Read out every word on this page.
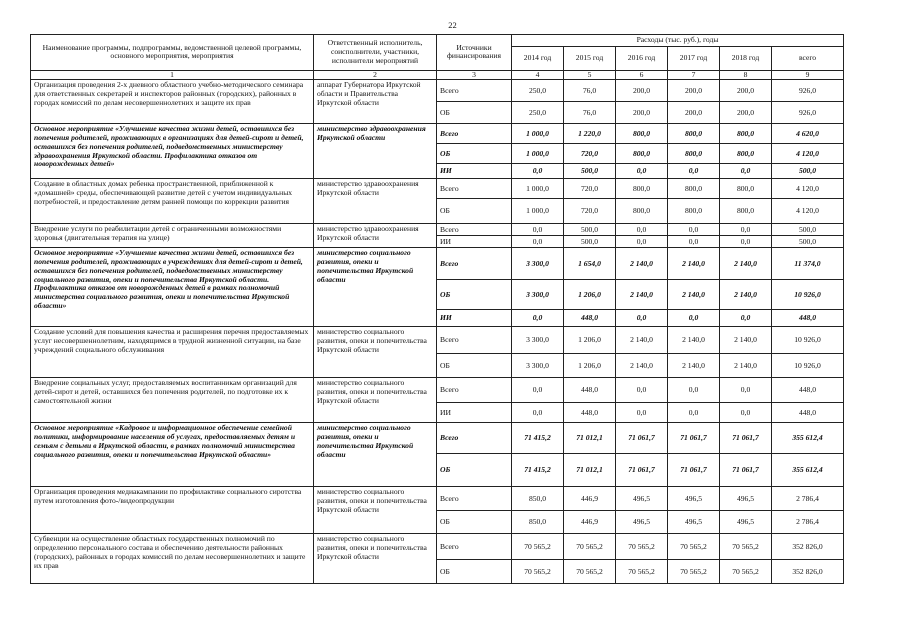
22
Наименование программы, подпрограммы, ведомственной целевой программы, основного мероприятия, мероприятия	Ответственный исполнитель, соисполнители, участники, исполнители мероприятий	Источники финансирования	Расходы (тыс. руб.), годы					
			2014 год	2015 год	2016 год	2017 год	2018 год	всего
1	2	3	4	5	6	7	8	9
Организация проведения 2-х дневного областного учебно-методического семинара для ответственных секретарей и инспекторов районных (городских), районных в городах комиссий по делам несовершеннолетних и защите их прав	аппарат Губернатора Иркутской области и Правительства Иркутской области	Всего	250,0	76,0	200,0	200,0	200,0	926,0
		ОБ	250,0	76,0	200,0	200,0	200,0	926,0
Основное мероприятие «Улучшение качества жизни детей, оставшихся без попечения родителей, проживающих в организациях для детей-сирот и детей, оставшихся без попечения родителей, подведомственных министерству здравоохранения Иркутской области. Профилактика отказов от новорожденных детей»	министерство здравоохранения Иркутской области	Всего	1 000,0	1 220,0	800,0	800,0	800,0	4 620,0
		ОБ	1 000,0	720,0	800,0	800,0	800,0	4 120,0
		ИИ	0,0	500,0	0,0	0,0	0,0	500,0
Создание в областных домах ребенка пространственной, приближенной к «домашней» среды, обеспечивающей развитие детей с учетом индивидуальных потребностей, и предоставление детям ранней помощи по коррекции развития	министерство здравоохранения Иркутской области	Всего	1 000,0	720,0	800,0	800,0	800,0	4 120,0
		ОБ	1 000,0	720,0	800,0	800,0	800,0	4 120,0
Внедрение услуги по реабилитации детей с ограниченными возможностями здоровья (двигательная терапия на улице)	министерство здравоохранения Иркутской области	Всего	0,0	500,0	0,0	0,0	0,0	500,0
		ИИ	0,0	500,0	0,0	0,0	0,0	500,0
Основное мероприятие «Улучшение качества жизни детей, оставшихся без попечения родителей, проживающих в учреждениях для детей-сирот и детей, оставшихся без попечения родителей, подведомственных министерству социального развития, опеки и попечительства Иркутской области. Профилактика отказов от новорожденных детей в рамках полномочий министерства социального развития, опеки и попечительства Иркутской области»	министерство социального развития, опеки и попечительства Иркутской области	Всего	3 300,0	1 654,0	2 140,0	2 140,0	2 140,0	11 374,0
		ОБ	3 300,0	1 206,0	2 140,0	2 140,0	2 140,0	10 926,0
		ИИ	0,0	448,0	0,0	0,0	0,0	448,0
Создание условий для повышения качества и расширения перечня предоставляемых услуг несовершеннолетним, находящимся в трудной жизненной ситуации, на базе учреждений социального обслуживания	министерство социального развития, опеки и попечительства Иркутской области	Всего	3 300,0	1 206,0	2 140,0	2 140,0	2 140,0	10 926,0
		ОБ	3 300,0	1 206,0	2 140,0	2 140,0	2 140,0	10 926,0
Внедрение социальных услуг, предоставляемых воспитанникам организаций для детей-сирот и детей, оставшихся без попечения родителей, по подготовке их к самостоятельной жизни	министерство социального развития, опеки и попечительства Иркутской области	Всего	0,0	448,0	0,0	0,0	0,0	448,0
		ИИ	0,0	448,0	0,0	0,0	0,0	448,0
Основное мероприятие «Кадровое и информационное обеспечение семейной политики, информирование населения об услугах, предоставляемых детям и семьям с детьми в Иркутской области, в рамках полномочий министерства социального развития, опеки и попечительства Иркутской области»	министерство социального развития, опеки и попечительства Иркутской области	Всего	71 415,2	71 012,1	71 061,7	71 061,7	71 061,7	355 612,4
		ОБ	71 415,2	71 012,1	71 061,7	71 061,7	71 061,7	355 612,4
Организация проведения медиакампании по профилактике социального сиротства путем изготовления фото-/видеопродукции	министерство социального развития, опеки и попечительства Иркутской области	Всего	850,0	446,9	496,5	496,5	496,5	2 786,4
		ОБ	850,0	446,9	496,5	496,5	496,5	2 786,4
Субвенции на осуществление областных государственных полномочий по определению персонального состава и обеспечению деятельности районных (городских), районных в городах комиссий по делам несовершеннолетних и защите их прав	министерство социального развития, опеки и попечительства Иркутской области	Всего	70 565,2	70 565,2	70 565,2	70 565,2	70 565,2	352 826,0
		ОБ	70 565,2	70 565,2	70 565,2	70 565,2	70 565,2	352 826,0
